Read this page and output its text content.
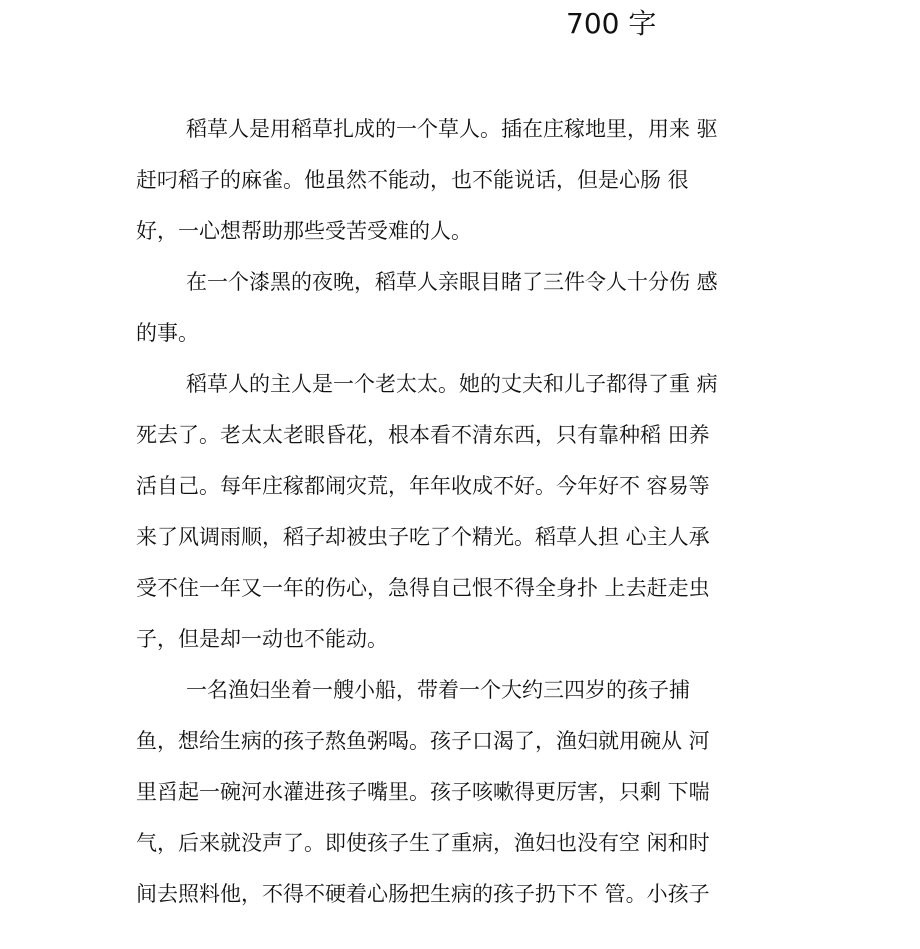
700 字

稻草人是用稻草扎成的一个草人。插在庄稼地里，用来 驱

赶叼稻子的麻雀。他虽然不能动，也不能说话，但是心肠 很

好，一心想帮助那些受苦受难的人。

在一个漆黑的夜晚，稻草人亲眼目睹了三件令人十分伤 感

的事。

稻草人的主人是一个老太太。她的丈夫和儿子都得了重 病

死去了。老太太老眼昏花，根本看不清东西，只有靠种稻 田养

活自己。每年庄稼都闹灾荒，年年收成不好。今年好不 容易等

来了风调雨顺，稻子却被虫子吃了个精光。稻草人担 心主人承

受不住一年又一年的伤心，急得自己恨不得全身扑 上去赶走虫

子，但是却一动也不能动。

一名渔妇坐着一艘小船，带着一个大约三四岁的孩子捕

鱼，想给生病的孩子熬鱼粥喝。孩子口渴了，渔妇就用碗从 河

里舀起一碗河水灌进孩子嘴里。孩子咳嗽得更厉害，只剩 下喘

气，后来就没声了。即使孩子生了重病，渔妇也没有空 闲和时

间去照料他，不得不硬着心肠把生病的孩子扔下不 管。小孩子
